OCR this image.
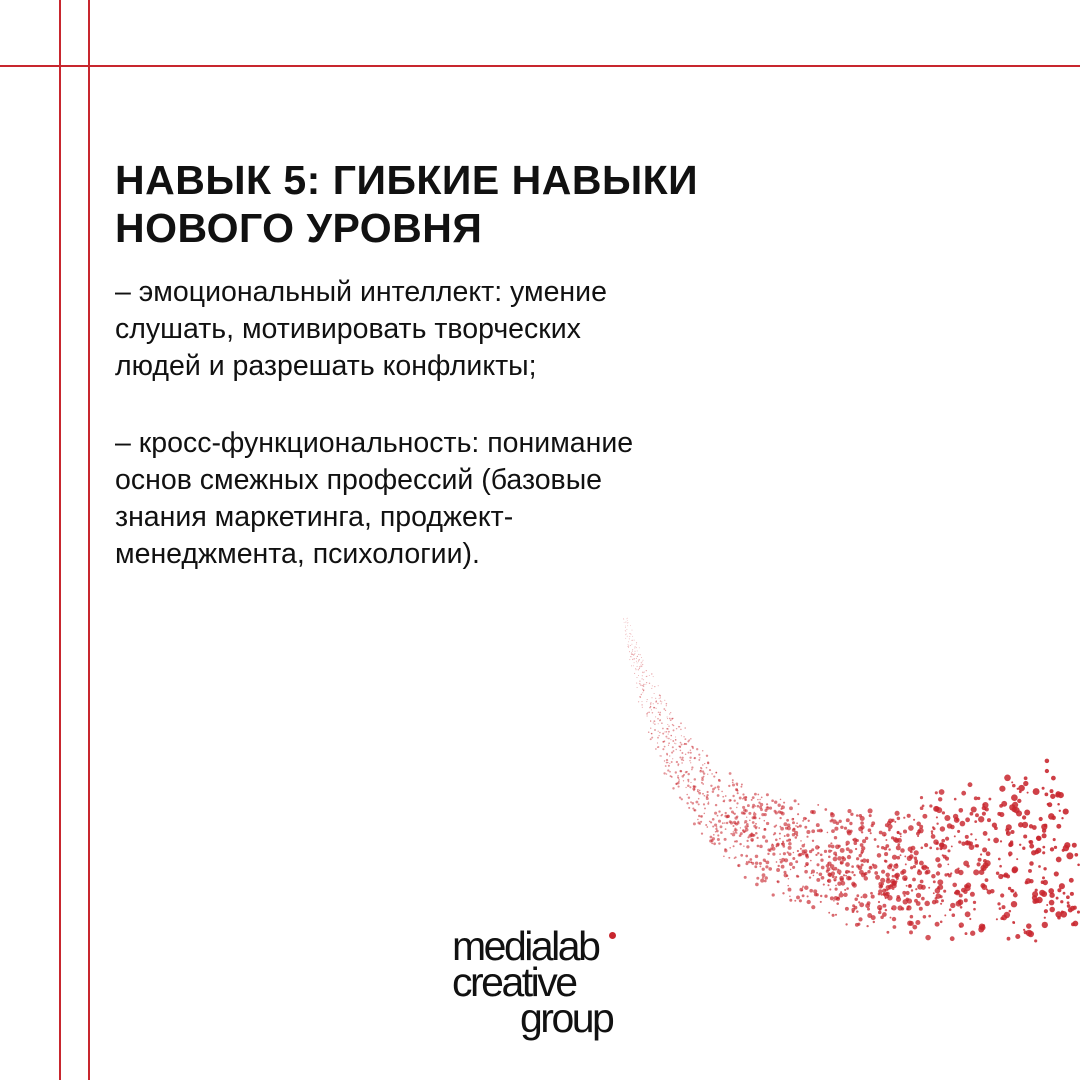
НАВЫК 5: ГИБКИЕ НАВЫКИ
НОВОГО УРОВНЯ

– эмоциональный интеллект: умение
слушать, мотивировать творческих
людей и разрешать конфликты;

– кросс-функциональность: понимание
основ смежных профессий (базовые
знания маркетинга, проджект-
менеджмента, психологии).

medialab
creative
group
